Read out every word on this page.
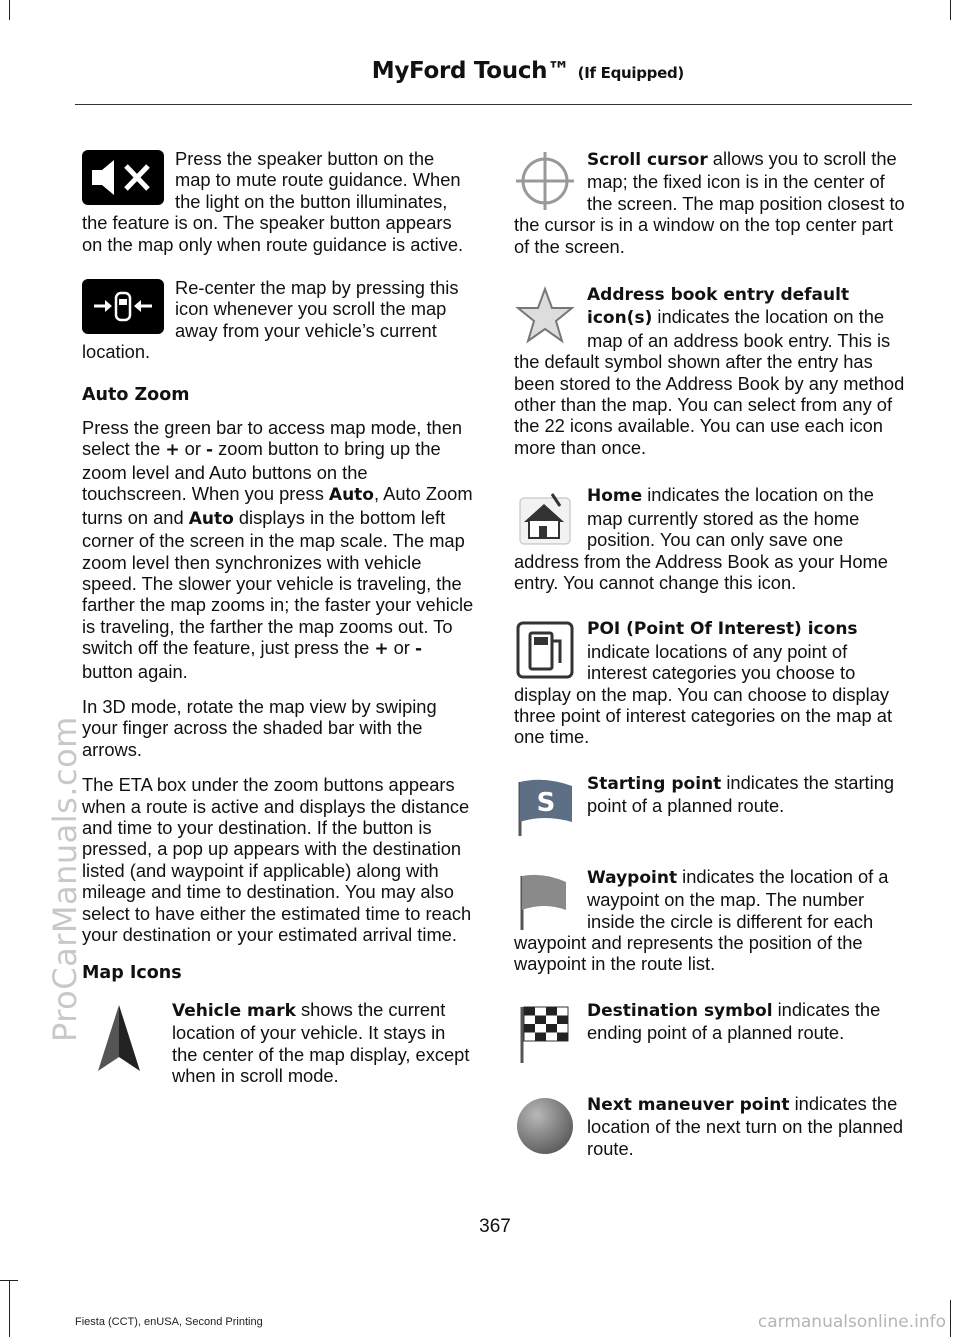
MyFord Touch™ (If Equipped)
ProCarManuals.com
Press the speaker button on the map to mute route guidance. When the light on the button illuminates, the feature is on. The speaker button appears on the map only when route guidance is active.
Re-center the map by pressing this icon whenever you scroll the map away from your vehicle’s current location.
Auto Zoom

Press the green bar to access map mode, then select the + or - zoom button to bring up the zoom level and Auto buttons on the touchscreen. When you press Auto, Auto Zoom turns on and Auto displays in the bottom left corner of the screen in the map scale. The map zoom level then synchronizes with vehicle speed. The slower your vehicle is traveling, the farther the map zooms in; the faster your vehicle is traveling, the farther the map zooms out. To switch off the feature, just press the + or - button again.

In 3D mode, rotate the map view by swiping your finger across the shaded bar with the arrows.

The ETA box under the zoom buttons appears when a route is active and displays the distance and time to your destination. If the button is pressed, a pop up appears with the destination listed (and waypoint if applicable) along with mileage and time to destination. You may also select to have either the estimated time to reach your destination or your estimated arrival time.

Map Icons
Vehicle mark shows the current location of your vehicle. It stays in the center of the map display, except when in scroll mode.
Scroll cursor allows you to scroll the map; the fixed icon is in the center of the screen. The map position closest to the cursor is in a window on the top center part of the screen.
Address book entry default icon(s) indicates the location on the map of an address book entry. This is the default symbol shown after the entry has been stored to the Address Book by any method other than the map. You can select from any of the 22 icons available. You can use each icon more than once.
Home indicates the location on the map currently stored as the home position. You can only save one address from the Address Book as your Home entry. You cannot change this icon.
POI (Point Of Interest) icons indicate locations of any point of interest categories you choose to display on the map. You can choose to display three point of interest categories on the map at one time.
S
Starting point indicates the starting point of a planned route.
Waypoint indicates the location of a waypoint on the map. The number inside the circle is different for each waypoint and represents the position of the waypoint in the route list.
Destination symbol indicates the ending point of a planned route.
Next maneuver point indicates the location of the next turn on the planned route.
367
Fiesta (CCT), enUSA, Second Printing	carmanualsonline.info
